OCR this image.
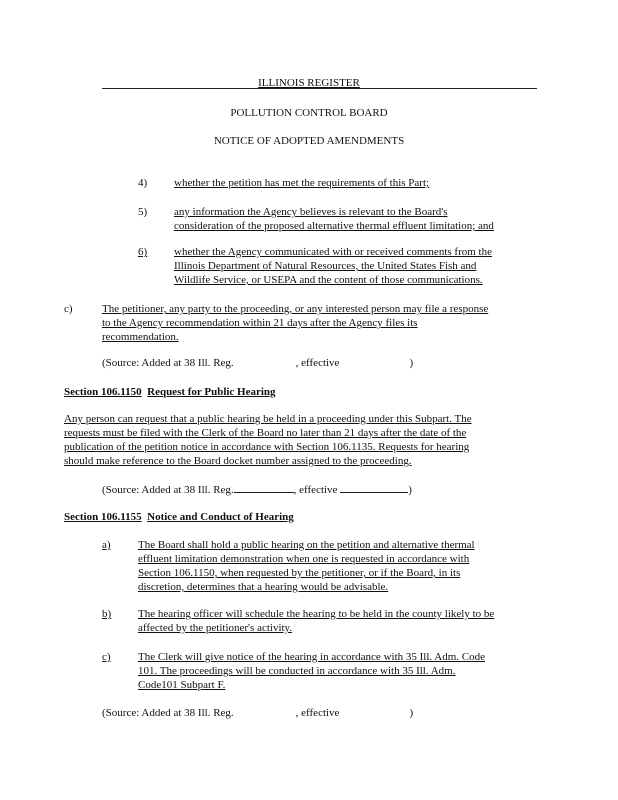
ILLINOIS REGISTER
POLLUTION CONTROL BOARD
NOTICE OF ADOPTED AMENDMENTS
4) whether the petition has met the requirements of this Part;
5) any information the Agency believes is relevant to the Board's
consideration of the proposed alternative thermal effluent limitation; and
6) whether the Agency communicated with or received comments from the
Illinois Department of Natural Resources, the United States Fish and
Wildlife Service, or USEPA and the content of those communications.
c)	The petitioner, any party to the proceeding, or any interested person may file a response
to the Agency recommendation within 21 days after the Agency files its
recommendation.
(Source: Added at 38 Ill. Reg.	, effective	)
Section 106.1150 Request for Public Hearing
Any person can request that a public hearing be held in a proceeding under this Subpart. The
requests must be filed with the Clerk of the Board no later than 21 days after the date of the
publication of the petition notice in accordance with Section 106.1135. Requests for hearing
should make reference to the Board docket number assigned to the proceeding.
(Source: Added at 38 Ill. Reg.	, effective	)
Section 106.1155 Notice and Conduct of Hearing
a) The Board shall hold a public hearing on the petition and alternative thermal
effluent limitation demonstration when one is requested in accordance with
Section 106.1150, when requested by the petitioner, or if the Board, in its
discretion, determines that a hearing would be advisable.
b) The hearing officer will schedule the hearing to be held in the county likely to be
affected by the petitioner's activity.
c) The Clerk will give notice of the hearing in accordance with 35 Ill. Adm. Code
101. The proceedings will be conducted in accordance with 35 Ill. Adm.
Code101 Subpart F.
(Source: Added at 38 Ill. Reg.	, effective	)
